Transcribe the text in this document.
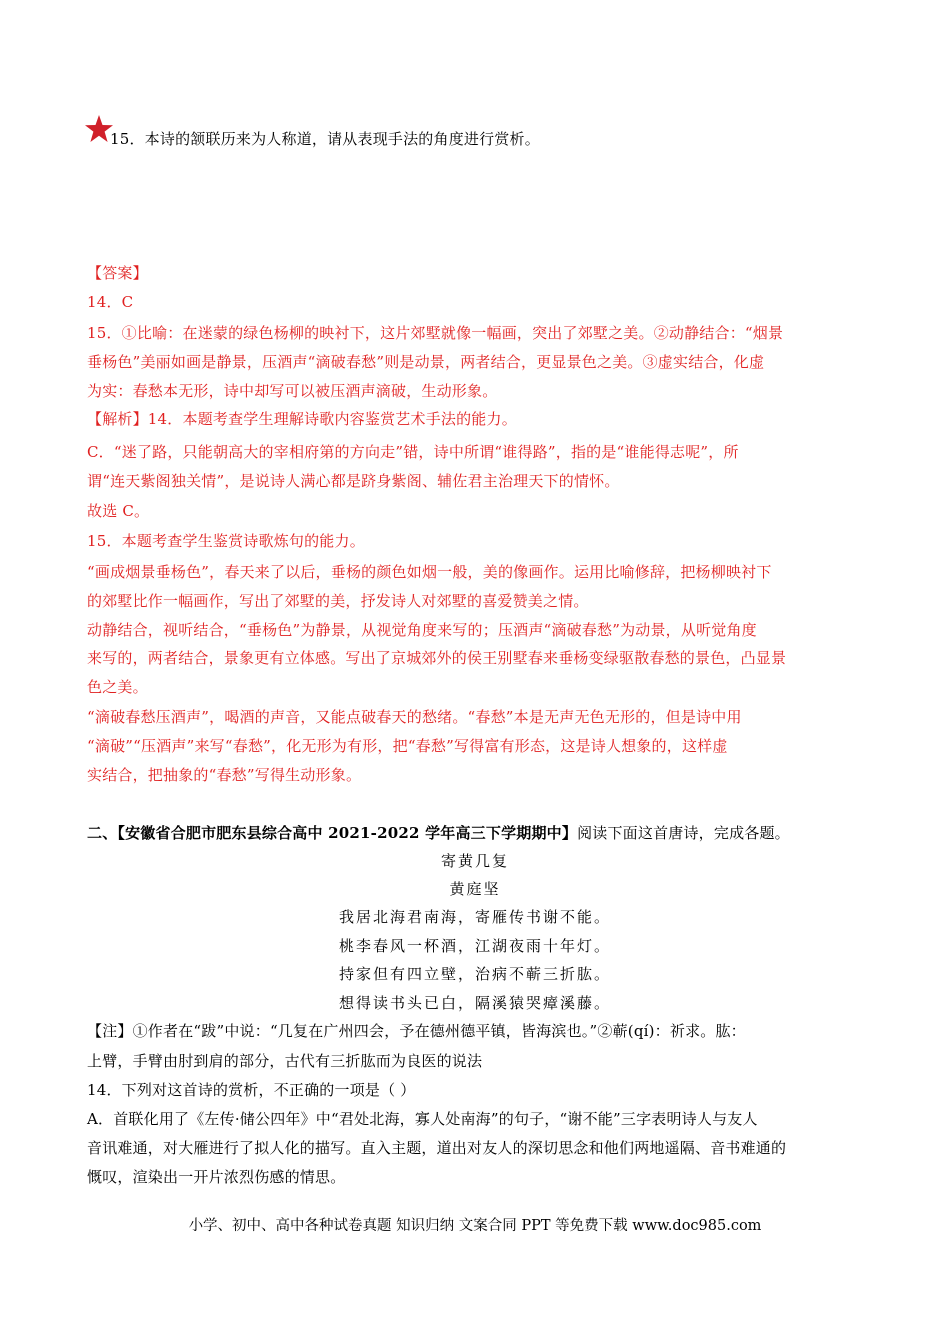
15．本诗的颔联历来为人称道，请从表现手法的角度进行赏析。
【答案】
14．C
15．①比喻：在迷蒙的绿色杨柳的映衬下，这片郊墅就像一幅画，突出了郊墅之美。②动静结合：“烟景
垂杨色”美丽如画是静景，压酒声“滴破春愁”则是动景，两者结合，更显景色之美。③虚实结合，化虚
为实：春愁本无形，诗中却写可以被压酒声滴破，生动形象。
【解析】14．本题考查学生理解诗歌内容鉴赏艺术手法的能力。
C．“迷了路，只能朝高大的宰相府第的方向走”错，诗中所谓“谁得路”，指的是“谁能得志呢”，所
谓“连天紫阁独关情”，是说诗人满心都是跻身紫阁、辅佐君主治理天下的情怀。
故选 C。
15．本题考查学生鉴赏诗歌炼句的能力。
“画成烟景垂杨色”，春天来了以后，垂杨的颜色如烟一般，美的像画作。运用比喻修辞，把杨柳映衬下
的郊墅比作一幅画作，写出了郊墅的美，抒发诗人对郊墅的喜爱赞美之情。
动静结合，视听结合，“垂杨色”为静景，从视觉角度来写的；压酒声“滴破春愁”为动景，从听觉角度
来写的，两者结合，景象更有立体感。写出了京城郊外的侯王别墅春来垂杨变绿驱散春愁的景色，凸显景
色之美。
“滴破春愁压酒声”，喝酒的声音，又能点破春天的愁绪。“春愁”本是无声无色无形的，但是诗中用
“滴破”“压酒声”来写“春愁”，化无形为有形，把“春愁”写得富有形态，这是诗人想象的，这样虚
实结合，把抽象的“春愁”写得生动形象。
二、【安徽省合肥市肥东县综合高中 2021-2022 学年高三下学期期中】阅读下面这首唐诗，完成各题。
寄黄几复
黄庭坚
我居北海君南海，寄雁传书谢不能。
桃李春风一杯酒，江湖夜雨十年灯。
持家但有四立壁，治病不蕲三折肱。
想得读书头已白，隔溪猿哭瘴溪藤。
【注】①作者在“跋”中说：“几复在广州四会，予在德州德平镇，皆海滨也。”②蕲(qí)：祈求。肱：
上臂，手臂由肘到肩的部分，古代有三折肱而为良医的说法
14．下列对这首诗的赏析，不正确的一项是（ ）
A．首联化用了《左传·储公四年》中“君处北海，寡人处南海”的句子，“谢不能”三字表明诗人与友人
音讯难通，对大雁进行了拟人化的描写。直入主题，道出对友人的深切思念和他们两地遥隔、音书难通的
慨叹，渲染出一开片浓烈伤感的情思。
小学、初中、高中各种试卷真题 知识归纳 文案合同 PPT 等免费下载 www.doc985.com
